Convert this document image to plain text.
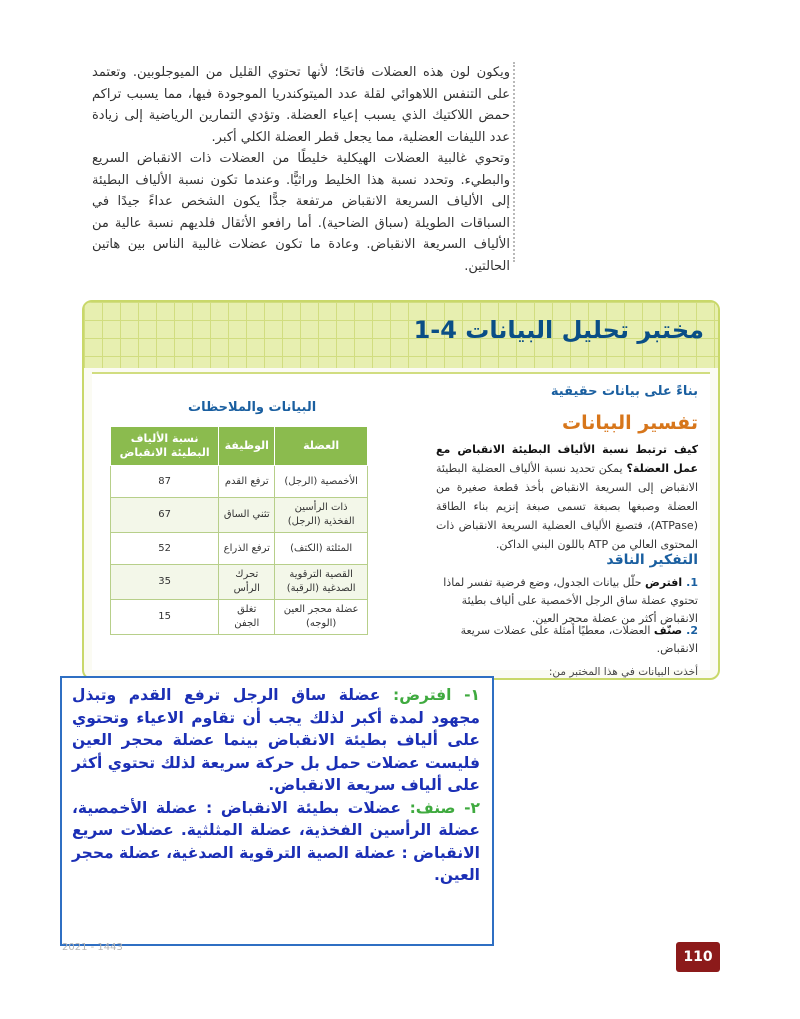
ويكون لون هذه العضلات فاتحًا؛ لأنها تحتوي القليل من الميوجلوبين. وتعتمد على التنفس اللاهوائي لقلة عدد الميتوكندريا الموجودة فيها، مما يسبب تراكم حمض اللاكتيك الذي يسبب إعياء العضلة. وتؤدي التمارين الرياضية إلى زيادة عدد الليفات العضلية، مما يجعل قطر العضلة الكلي أكبر.

وتحوي غالبية العضلات الهيكلية خليطًا من العضلات ذات الانقباض السريع والبطيء. وتحدد نسبة هذا الخليط وراثيًّا. وعندما تكون نسبة الألياف البطيئة إلى الألياف السريعة الانقباض مرتفعة جدًّا يكون الشخص عداءً جيدًا في السباقات الطويلة (سباق الضاحية). أما رافعو الأثقال فلديهم نسبة عالية من الألياف السريعة الانقباض. وعادة ما تكون عضلات غالبية الناس بين هاتين الحالتين.

مختبر تحليل البيانات 4-1
بناءً على بيانات حقيقية
تفسير البيانات
كيف ترتبط نسبة الألياف البطيئة الانقباض مع عمل العضلة؟ يمكن تحديد نسبة الألياف العضلية البطيئة الانقباض إلى السريعة الانقباض بأخذ قطعة صغيرة من العضلة وصبغها بصبغة تسمى صبغة إنزيم بناء الطاقة (ATPase)، فتصبغ الألياف العضلية السريعة الانقباض ذات المحتوى العالي من ATP باللون البني الداكن.
التفكير الناقد
1.افترض حلّل بيانات الجدول، وضع فرضية تفسر لماذا تحتوي عضلة ساق الرجل الأخمصية على ألياف بطيئة الانقباض أكثر من عضلة محجر العين.
2.صنّف العضلات، معطيًا أمثلة على عضلات سريعة الانقباض.
أخذت البيانات في هذا المختبر من:
البيانات والملاحظات
العضلة	الوظيفة	نسبة الألياف البطيئة الانقباض
الأخمصية (الرجل)	ترفع القدم	87
ذات الرأسين الفخذية (الرجل)	تثني الساق	67
المثلثة (الكتف)	ترفع الذراع	52
القصية الترقوية الصدغية (الرقبة)	تحرك الرأس	35
عضلة محجر العين (الوجه)	تغلق الجفن	15
١- افترض: عضلة ساق الرجل ترفع القدم وتبذل مجهود لمدة أكبر لذلك يجب أن تقاوم الاعياء وتحتوي على ألياف بطيئة الانقباض بينما عضلة محجر العين فليست عضلات حمل بل حركة سريعة لذلك تحتوي أكثر على ألياف سريعة الانقباض.
٢- صنف: عضلات بطيئة الانقباض : عضلة الأخمصية، عضلة الرأسين الفخذية، عضلة المثلثية. عضلات سريع الانقباض : عضلة الصية الترقوية الصدغية، عضلة محجر العين.
2021 - 1443
110
